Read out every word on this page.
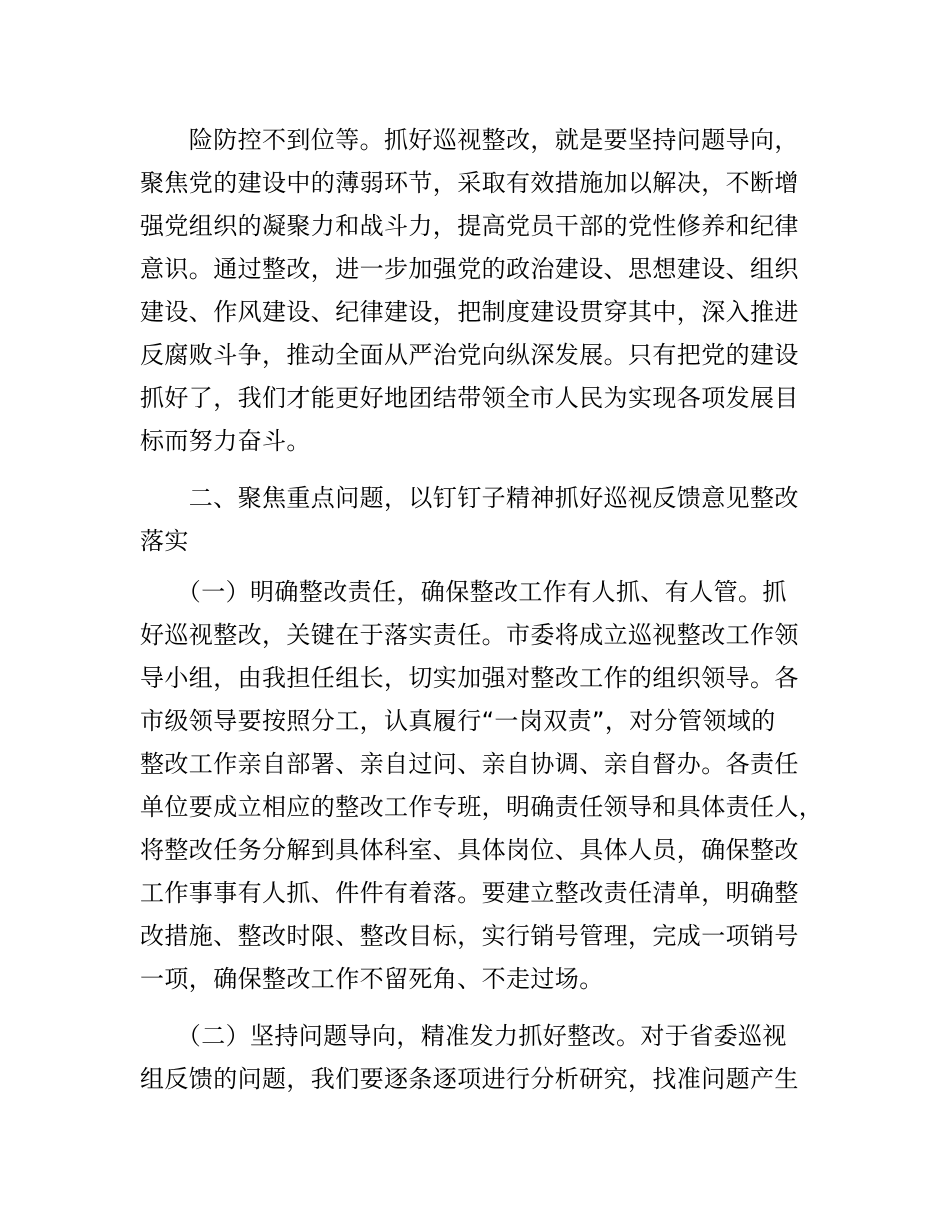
　　险防控不到位等。抓好巡视整改，就是要坚持问题导向，
聚焦党的建设中的薄弱环节，采取有效措施加以解决，不断增
强党组织的凝聚力和战斗力，提高党员干部的党性修养和纪律
意识。通过整改，进一步加强党的政治建设、思想建设、组织
建设、作风建设、纪律建设，把制度建设贯穿其中，深入推进
反腐败斗争，推动全面从严治党向纵深发展。只有把党的建设
抓好了，我们才能更好地团结带领全市人民为实现各项发展目
标而努力奋斗。
　　二、聚焦重点问题，以钉钉子精神抓好巡视反馈意见整改
落实
　　（一）明确整改责任，确保整改工作有人抓、有人管。抓
好巡视整改，关键在于落实责任。市委将成立巡视整改工作领
导小组，由我担任组长，切实加强对整改工作的组织领导。各
市级领导要按照分工，认真履行“一岗双责”，对分管领域的
整改工作亲自部署、亲自过问、亲自协调、亲自督办。各责任
单位要成立相应的整改工作专班，明确责任领导和具体责任人，
将整改任务分解到具体科室、具体岗位、具体人员，确保整改
工作事事有人抓、件件有着落。要建立整改责任清单，明确整
改措施、整改时限、整改目标，实行销号管理，完成一项销号
一项，确保整改工作不留死角、不走过场。
　　（二）坚持问题导向，精准发力抓好整改。对于省委巡视
组反馈的问题，我们要逐条逐项进行分析研究，找准问题产生
